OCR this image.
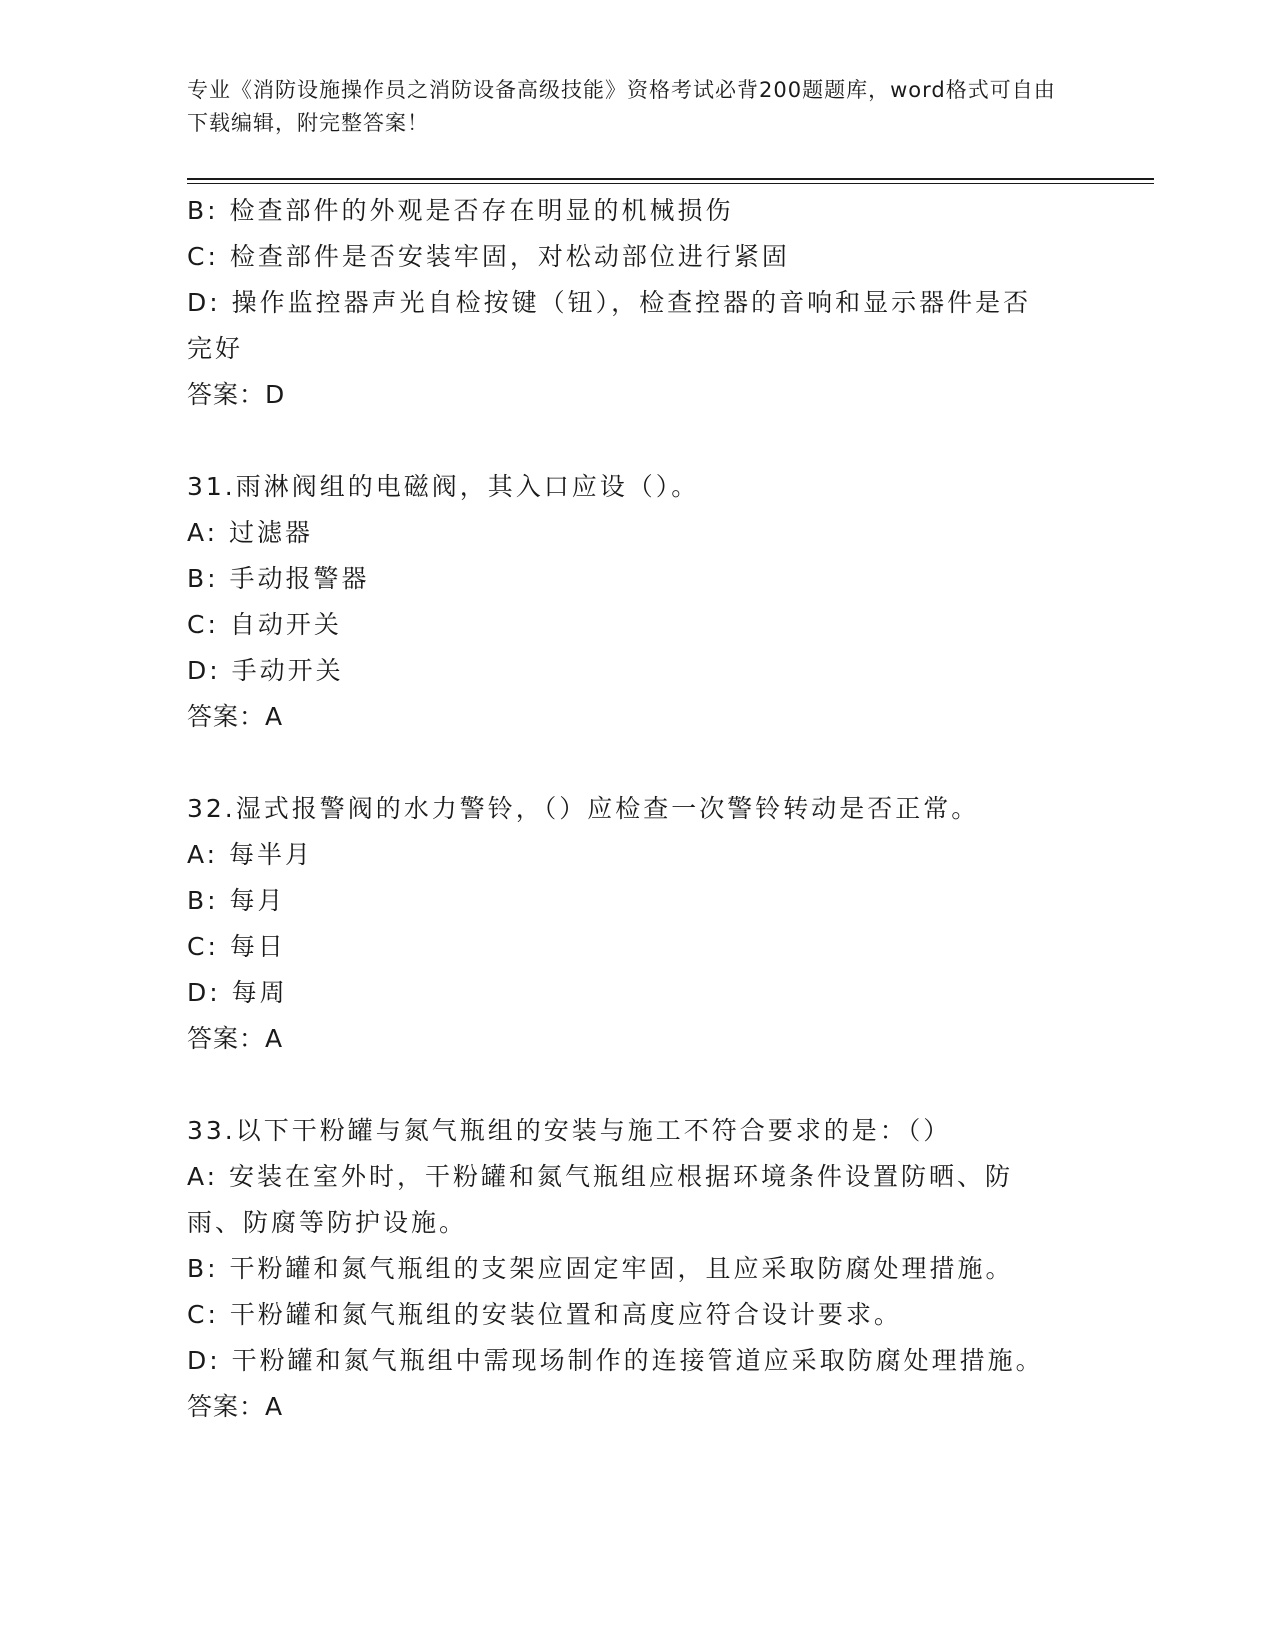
专业《消防设施操作员之消防设备高级技能》资格考试必背200题题库，word格式可自由下载编辑，附完整答案！
B: 检查部件的外观是否存在明显的机械损伤
C: 检查部件是否安装牢固，对松动部位进行紧固
D: 操作监控器声光自检按键（钮），检查控器的音响和显示器件是否完好
答案：D
31.雨淋阀组的电磁阀，其入口应设（）。
A: 过滤器
B: 手动报警器
C: 自动开关
D: 手动开关
答案：A
32.湿式报警阀的水力警铃，（）应检查一次警铃转动是否正常。
A: 每半月
B: 每月
C: 每日
D: 每周
答案：A
33.以下干粉罐与氮气瓶组的安装与施工不符合要求的是：（）
A: 安装在室外时，干粉罐和氮气瓶组应根据环境条件设置防晒、防雨、防腐等防护设施。
B: 干粉罐和氮气瓶组的支架应固定牢固，且应采取防腐处理措施。
C: 干粉罐和氮气瓶组的安装位置和高度应符合设计要求。
D: 干粉罐和氮气瓶组中需现场制作的连接管道应采取防腐处理措施。
答案：A
